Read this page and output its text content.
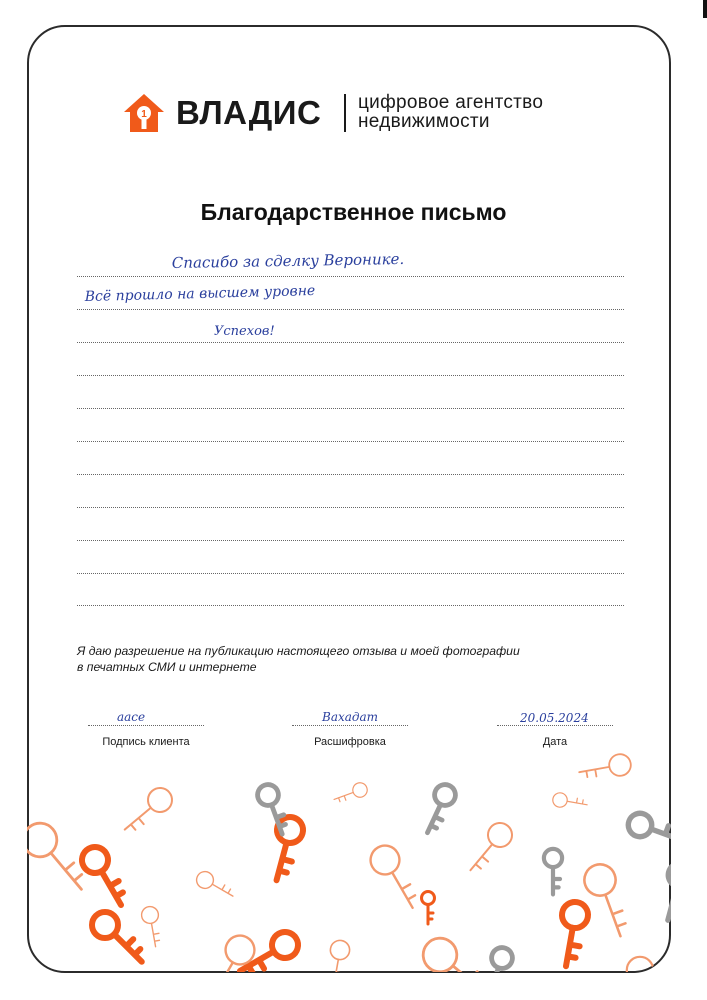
1 ВЛАДИС цифровое агентство
недвижимости
Благодарственное письмо
Спасибо за сделку Веронике.
Всё прошло на высшем уровне
Успехов!
Я даю разрешение на публикацию настоящего отзыва и моей фотографии
в печатных СМИ и интернете
aace
Подпись клиента
Вахадат
Расшифровка
20.05.2024
Дата
